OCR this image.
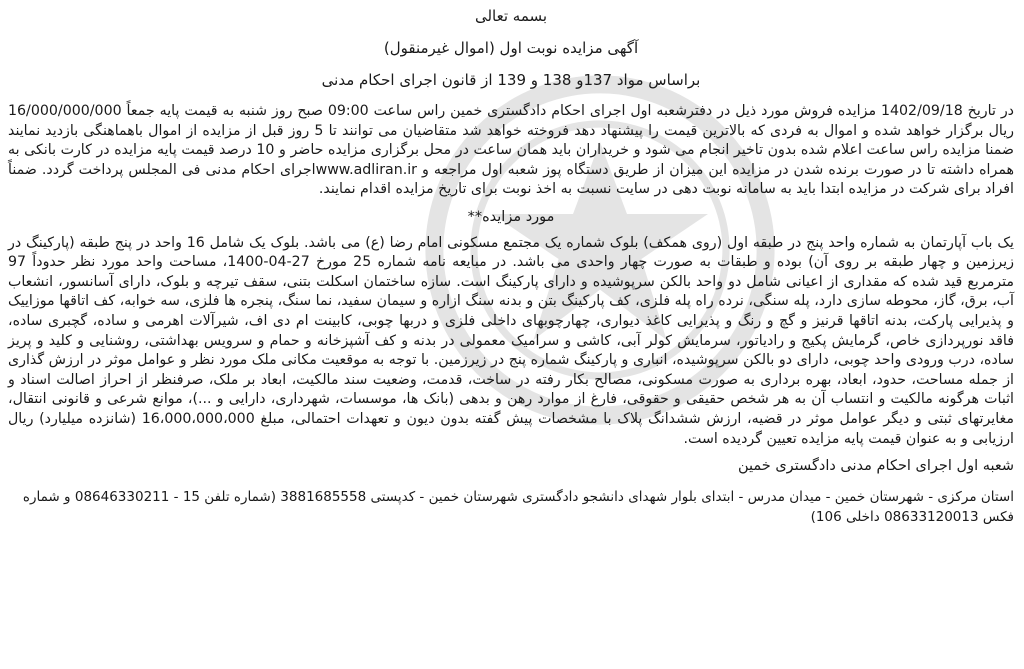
بسمه تعالی
آگهی مزایده نوبت اول (اموال غیرمنقول)
براساس مواد 137و 138 و 139 از قانون اجرای احکام مدنی
در تاریخ 1402/09/18 مزایده فروش مورد ذیل در دفترشعبه اول اجرای احکام دادگستری خمین راس ساعت 09:00 صبح روز شنبه به قیمت پایه جمعاً 16/000/000/000 ریال برگزار خواهد شده و اموال به فردی که بالاترین قیمت را پیشنهاد دهد فروخته خواهد شد متقاضیان می توانند تا 5 روز قبل از مزایده از اموال باهماهنگی بازدید نمایند ضمنا مزایده راس ساعت اعلام شده بدون تاخیر انجام می شود و خریداران باید همان ساعت در محل برگزاری مزایده حاضر و 10 درصد قیمت پایه مزایده در کارت بانکی به همراه داشته تا در صورت برنده شدن در مزایده این میزان از طریق دستگاه پوز شعبه اول مراجعه و www.adliran.irاجرای احکام مدنی فی المجلس پرداخت گردد. ضمناً افراد برای شرکت در مزایده ابتدا باید به سامانه نوبت دهی در سایت نسبت به اخذ نوبت برای تاریخ مزایده اقدام نمایند.
مورد مزایده**
یک باب آپارتمان به شماره واحد پنج در طبقه اول (روی همکف) بلوک شماره یک مجتمع مسکونی امام رضا (ع) می باشد. بلوک یک شامل 16 واحد در پنج طبقه (پارکینگ در زیرزمین و چهار طبقه بر روی آن) بوده و طبقات به صورت چهار واحدی می باشد. در مبایعه نامه شماره 25 مورخ 27-04-1400، مساحت واحد مورد نظر حدوداً 97 مترمربع قید شده که مقداری از اعیانی شامل دو واحد بالکن سرپوشیده و دارای پارکینگ است. سازه ساختمان اسکلت بتنی، سقف تیرچه و بلوک، دارای آسانسور، انشعاب آب، برق، گاز، محوطه سازی دارد، پله سنگی، نرده راه پله فلزی، کف پارکینگ بتن و بدنه سنگ ازاره و سیمان سفید، نما سنگ، پنجره ها فلزی، سه خوابه، کف اتاقها موزاییک و پذیرایی پارکت، بدنه اتاقها قرنیز و گچ و رنگ و پذیرایی کاغذ دیواری، چهارچوبهای داخلی فلزی و دربها چوبی، کابینت ام دی اف، شیرآلات اهرمی و ساده، گچبری ساده، فاقد نورپردازی خاص، گرمایش پکیج و رادیاتور، سرمایش کولر آبی، کاشی و سرامیک معمولی در بدنه و کف آشپزخانه و حمام و سرویس بهداشتی، روشنایی و کلید و پریز ساده، درب ورودی واحد چوبی، دارای دو بالکن سرپوشیده، انباری و پارکینگ شماره پنج در زیرزمین. با توجه به موقعیت مکانی ملک مورد نظر و عوامل موثر در ارزش گذاری از جمله مساحت، حدود، ابعاد، بهره برداری به صورت مسکونی، مصالح بکار رفته در ساخت، قدمت، وضعیت سند مالکیت، ابعاد بر ملک، صرفنظر از احراز اصالت اسناد و اثبات هرگونه مالکیت و انتساب آن به هر شخص حقیقی و حقوقی، فارغ از موارد رهن و بدهی (بانک ها، موسسات، شهرداری، دارایی و ...)، موانع شرعی و قانونی انتقال، مغایرتهای ثبتی و دیگر عوامل موثر در قضیه، ارزش ششدانگ پلاک با مشخصات پیش گفته بدون دیون و تعهدات احتمالی، مبلغ 16،000،000،000 (شانزده میلیارد) ریال ارزیابی و به عنوان قیمت پایه مزایده تعیین گردیده است.
شعبه اول اجرای احکام مدنی دادگستری خمین
استان مرکزی - شهرستان خمین - میدان مدرس - ابتدای بلوار شهدای دانشجو دادگستری شهرستان خمین - کدپستی 3881685558 (شماره تلفن 15 - 08646330211 و شماره فکس 08633120013 داخلی 106)
